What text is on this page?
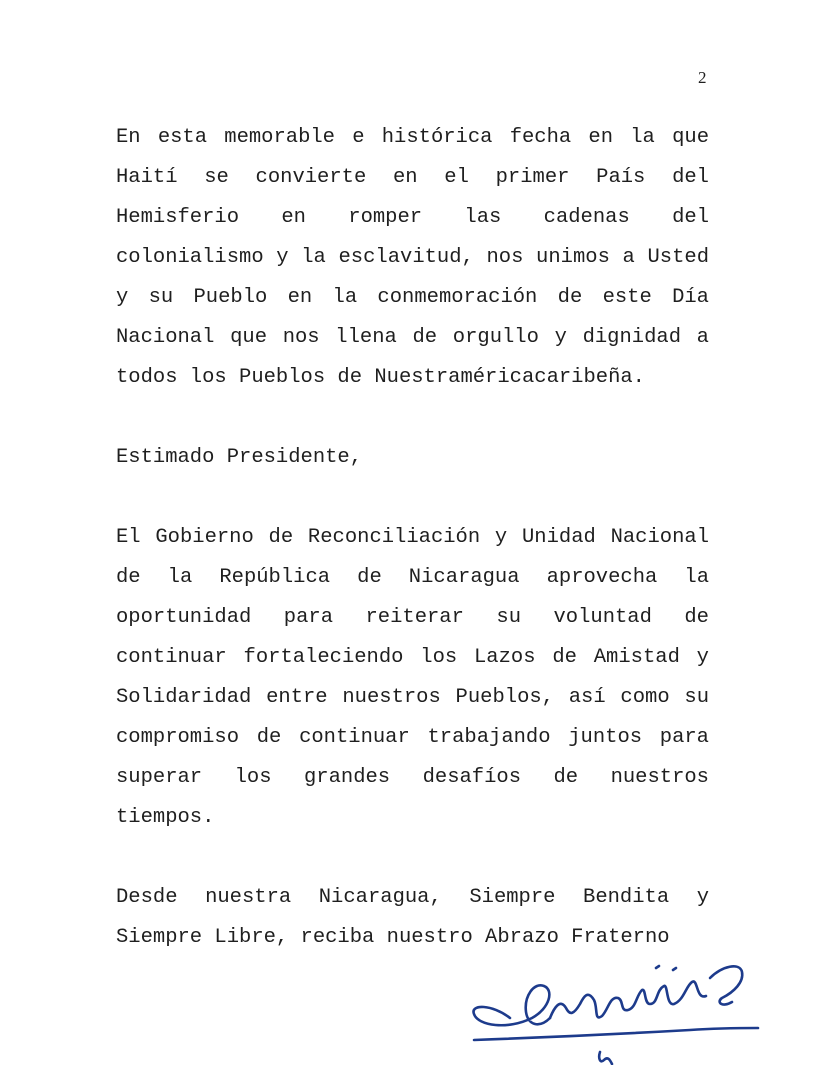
2

En esta memorable e histórica fecha en la que Haití se convierte en el primer País del Hemisferio en romper las cadenas del colonialismo y la esclavitud, nos unimos a Usted y su Pueblo en la conmemoración de este Día Nacional que nos llena de orgullo y dignidad a todos los Pueblos de Nuestraméricacaribeña.

Estimado Presidente,

El Gobierno de Reconciliación y Unidad Nacional de la República de Nicaragua aprovecha la oportunidad para reiterar su voluntad de continuar fortaleciendo los Lazos de Amistad y Solidaridad entre nuestros Pueblos, así como su compromiso de continuar trabajando juntos para superar los grandes desafíos de nuestros tiempos.

Desde nuestra Nicaragua, Siempre Bendita y Siempre Libre, reciba nuestro Abrazo Fraterno
